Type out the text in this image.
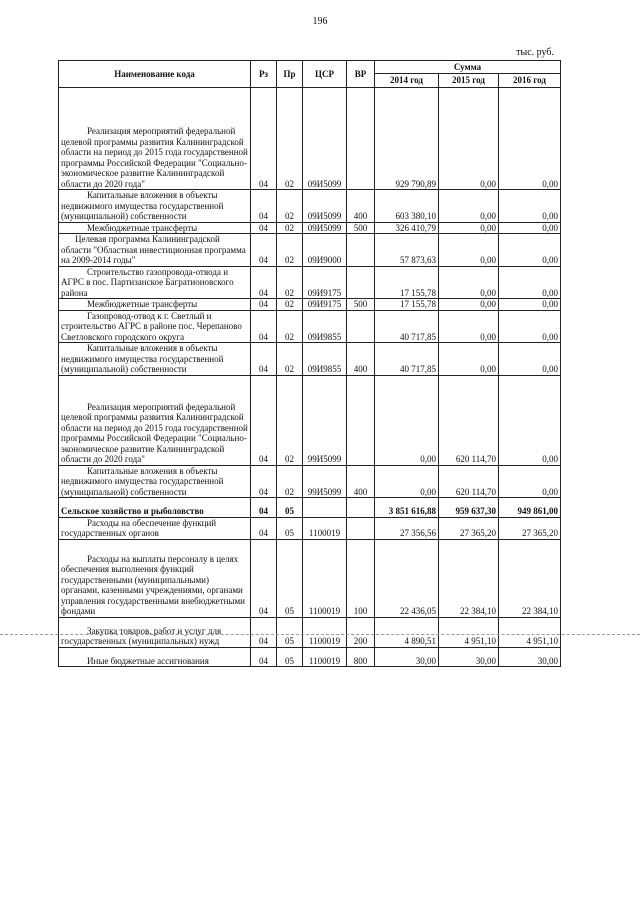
196
тыс. руб.
Наименование кода	Рз	Пр	ЦСР	ВР	Сумма		
					2014 год	2015 год	2016 год
Реализация мероприятий федеральной целевой программы развития Калининградской области на период до 2015 года государственной программы Российской Федерации "Социально-экономическое развитие Калининградской области до 2020 года"	04	02	09И5099		929 790,89	0,00	0,00
Капитальные вложения в объекты недвижимого имущества государственной (муниципальной) собственности	04	02	09И5099	400	603 380,10	0,00	0,00
Межбюджетные трансферты	04	02	09И5099	500	326 410,79	0,00	0,00
Целевая программа Калининградской области "Областная инвестиционная программа на 2009-2014 годы"	04	02	09И9000		57 873,63	0,00	0,00
Строительство газопровода-отвода и АГРС в пос. Партизанское Багратионовского района	04	02	09И9175		17 155,78	0,00	0,00
Межбюджетные трансферты	04	02	09И9175	500	17 155,78	0,00	0,00
Газопровод-отвод к г. Светлый и строительство АГРС в районе пос. Черепаново Светловского городского округа	04	02	09И9855		40 717,85	0,00	0,00
Капитальные вложения в объекты недвижимого имущества государственной (муниципальной) собственности	04	02	09И9855	400	40 717,85	0,00	0,00
Реализация мероприятий федеральной целевой программы развития Калининградской области на период до 2015 года государственной программы Российской Федерации "Социально-экономическое развитие Калининградской области до 2020 года"	04	02	99И5099		0,00	620 114,70	0,00
Капитальные вложения в объекты недвижимого имущества государственной (муниципальной) собственности	04	02	99И5099	400	0,00	620 114,70	0,00
Сельское хозяйство и рыболовство	04	05			3 851 616,88	959 637,30	949 861,00
Расходы на обеспечение функций государственных органов	04	05	1100019		27 356,56	27 365,20	27 365,20
Расходы на выплаты персоналу в целях обеспечения выполнения функций государственными (муниципальными) органами, казенными учреждениями, органами управления государственными внебюджетными фондами	04	05	1100019	100	22 436,05	22 384,10	22 384,10
Закупка товаров, работ и услуг для государственных (муниципальных) нужд	04	05	1100019	200	4 890,51	4 951,10	4 951,10
Иные бюджетные ассигнования	04	05	1100019	800	30,00	30,00	30,00
